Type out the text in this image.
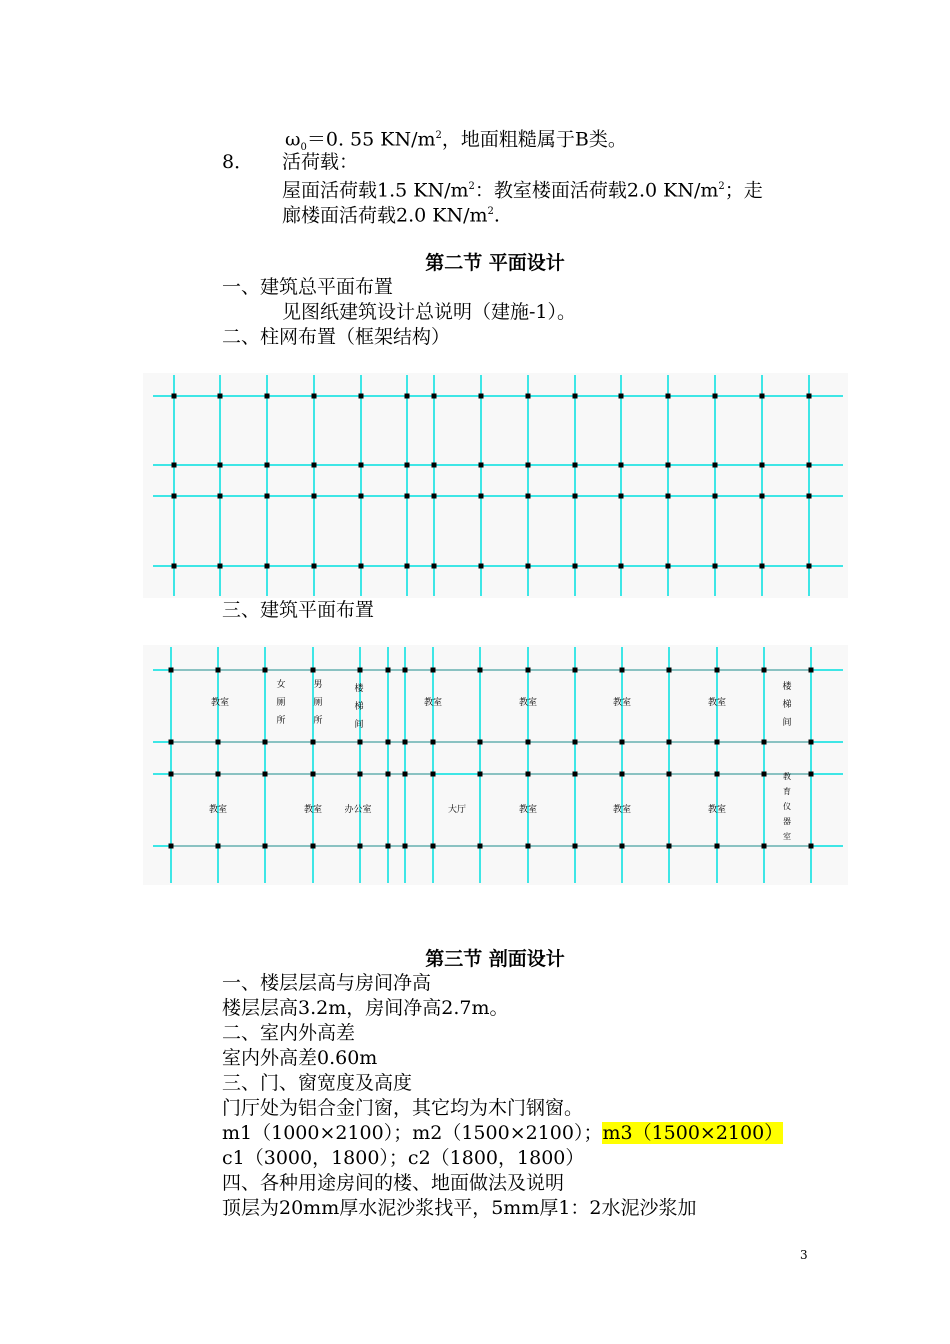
$\omega_0=0$. 55 $KN/m^2$，地面粗糙属于B类。
8． 活荷载：
屋面活荷载1.5 $KN/m^2$：教室楼面活荷载2.0 $KN/m^2$；走
廊楼面活荷载2.0 $KN/m^2$.
第二节 平面设计
一、建筑总平面布置
见图纸建筑设计总说明（建施-1）。
二、柱网布置（框架结构）
三、建筑平面布置
教室
女厕所
男厕所
楼梯间
教室	教室	教室	教室
楼梯间
教室	教室 办公室	大厅	教室	教室	教室
教育仪器室
第三节 剖面设计
一、楼层层高与房间净高
楼层层高3.2m，房间净高2.7m。
二、室内外高差
室内外高差0.60m
三、门、窗宽度及高度
门厅处为铝合金门窗，其它均为木门钢窗。
m1（1000×2100）；m2（1500×2100）；m3（1500×2100）
c1（3000，1800）；c2（1800，1800）
四、各种用途房间的楼、地面做法及说明
顶层为20mm厚水泥沙浆找平，5mm厚1：2水泥沙浆加
3
